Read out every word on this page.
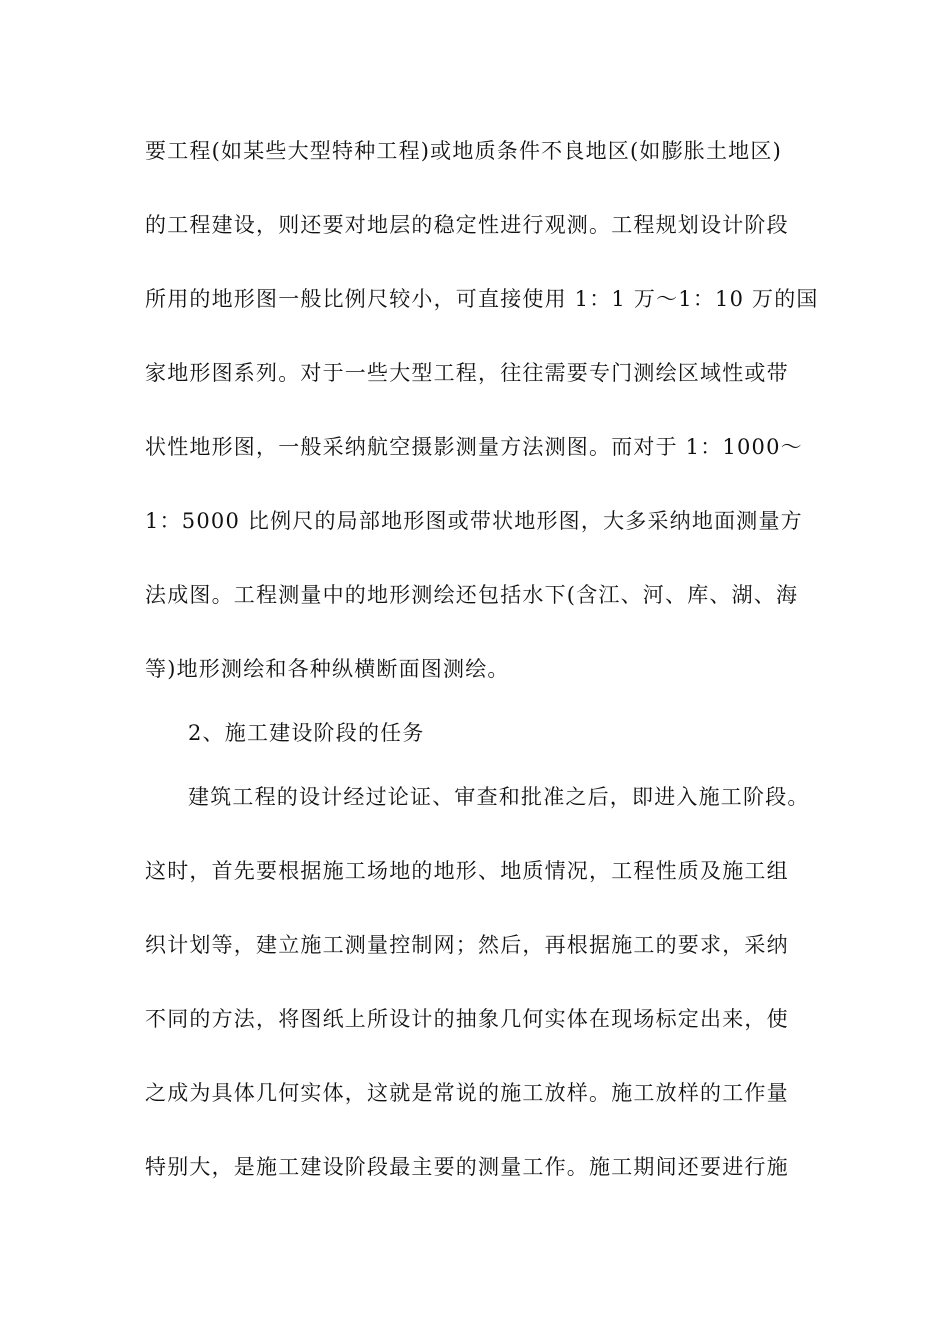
要工程(如某些大型特种工程)或地质条件不良地区(如膨胀土地区)
的工程建设，则还要对地层的稳定性进行观测。工程规划设计阶段
所用的地形图一般比例尺较小，可直接使用 1：1 万～1：10 万的国
家地形图系列。对于一些大型工程，往往需要专门测绘区域性或带
状性地形图，一般采纳航空摄影测量方法测图。而对于 1：1000～
1：5000 比例尺的局部地形图或带状地形图，大多采纳地面测量方
法成图。工程测量中的地形测绘还包括水下(含江、河、库、湖、海
等)地形测绘和各种纵横断面图测绘。
2、施工建设阶段的任务
建筑工程的设计经过论证、审查和批准之后，即进入施工阶段。
这时，首先要根据施工场地的地形、地质情况，工程性质及施工组
织计划等，建立施工测量控制网；然后，再根据施工的要求，采纳
不同的方法，将图纸上所设计的抽象几何实体在现场标定出来，使
之成为具体几何实体，这就是常说的施工放样。施工放样的工作量
特别大，是施工建设阶段最主要的测量工作。施工期间还要进行施
